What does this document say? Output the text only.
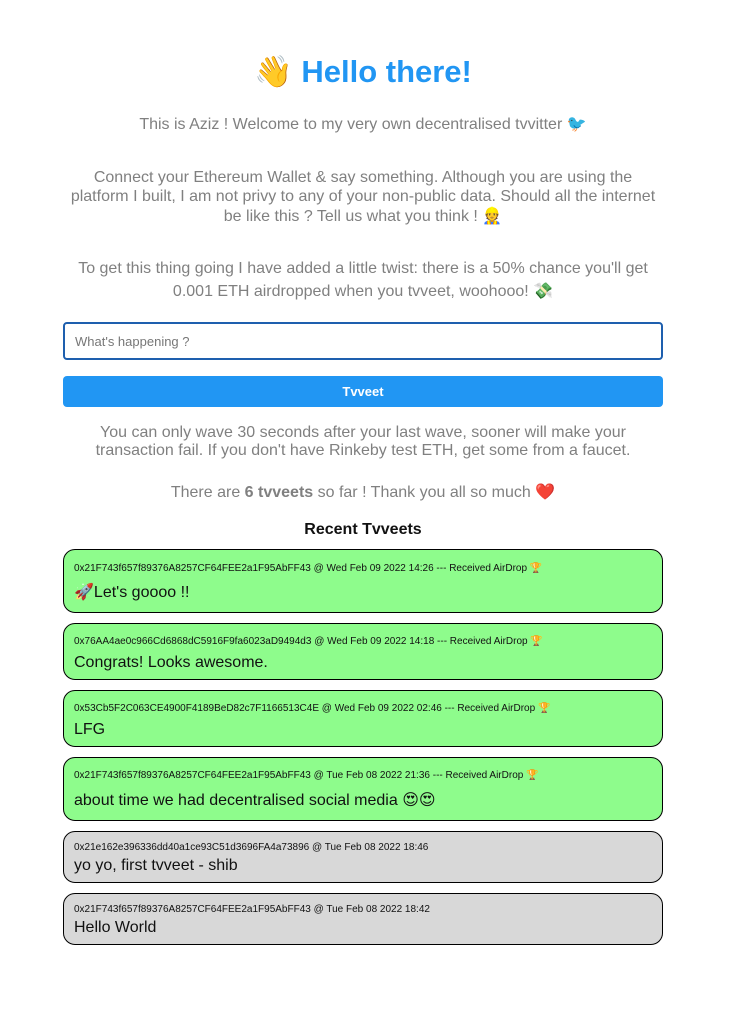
👋 Hello there!
This is Aziz ! Welcome to my very own decentralised tvvitter 🐦
Connect your Ethereum Wallet & say something. Although you are using the platform I built, I am not privy to any of your non-public data. Should all the internet be like this ? Tell us what you think ! 👷
To get this thing going I have added a little twist: there is a 50% chance you'll get 0.001 ETH airdropped when you tvveet, woohooo! 💸
What's happening ?
Tvveet
You can only wave 30 seconds after your last wave, sooner will make your transaction fail. If you don't have Rinkeby test ETH, get some from a faucet.
There are 6 tvveets so far ! Thank you all so much ❤️
Recent Tvveets
0x21F743f657f89376A8257CF64FEE2a1F95AbFF43 @ Wed Feb 09 2022 14:26 --- Received AirDrop 🏆
🚀Let's goooo !!
0x76AA4ae0c966Cd6868dC5916F9fa6023aD9494d3 @ Wed Feb 09 2022 14:18 --- Received AirDrop 🏆
Congrats! Looks awesome.
0x53Cb5F2C063CE4900F4189BeD82c7F1166513C4E @ Wed Feb 09 2022 02:46 --- Received AirDrop 🏆
LFG
0x21F743f657f89376A8257CF64FEE2a1F95AbFF43 @ Tue Feb 08 2022 21:36 --- Received AirDrop 🏆
about time we had decentralised social media 😍😍
0x21e162e396336dd40a1ce93C51d3696FA4a73896 @ Tue Feb 08 2022 18:46
yo yo, first tvveet - shib
0x21F743f657f89376A8257CF64FEE2a1F95AbFF43 @ Tue Feb 08 2022 18:42
Hello World
